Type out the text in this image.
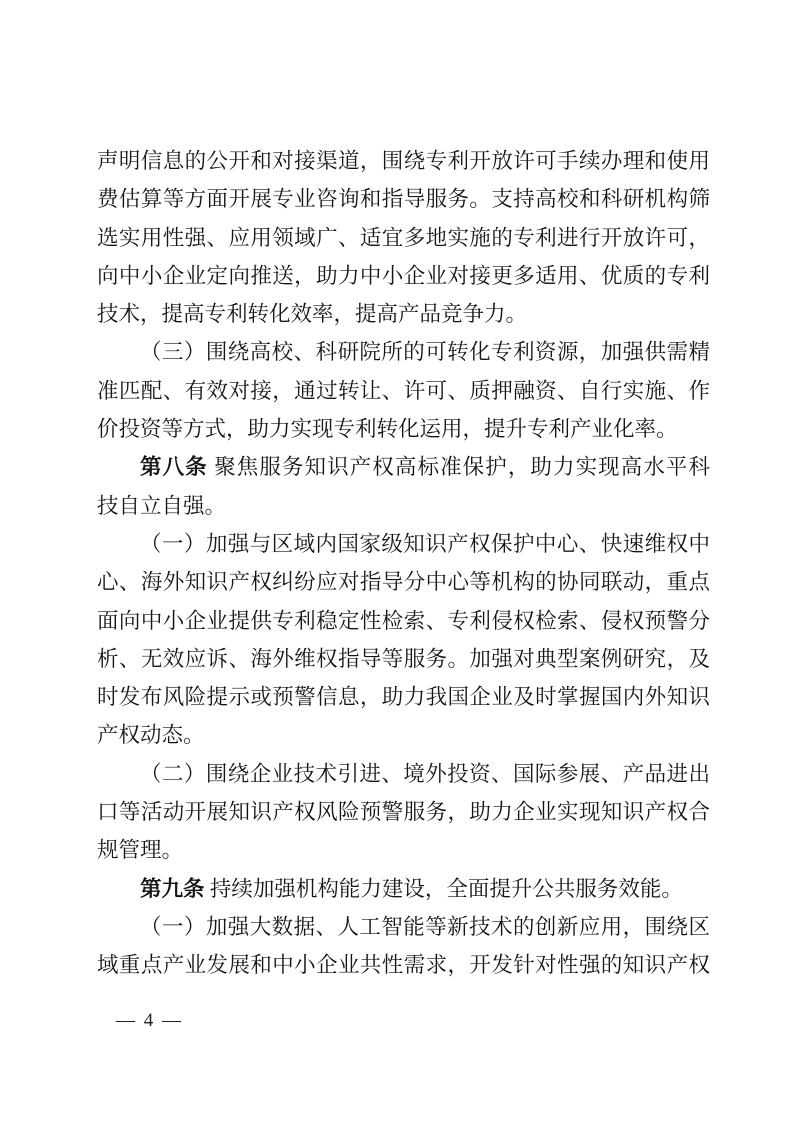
声明信息的公开和对接渠道，围绕专利开放许可手续办理和使用
费估算等方面开展专业咨询和指导服务。支持高校和科研机构筛
选实用性强、应用领域广、适宜多地实施的专利进行开放许可，
向中小企业定向推送，助力中小企业对接更多适用、优质的专利
技术，提高专利转化效率，提高产品竞争力。
（三）围绕高校、科研院所的可转化专利资源，加强供需精
准匹配、有效对接，通过转让、许可、质押融资、自行实施、作
价投资等方式，助力实现专利转化运用，提升专利产业化率。
第八条 聚焦服务知识产权高标准保护，助力实现高水平科
技自立自强。
（一）加强与区域内国家级知识产权保护中心、快速维权中
心、海外知识产权纠纷应对指导分中心等机构的协同联动，重点
面向中小企业提供专利稳定性检索、专利侵权检索、侵权预警分
析、无效应诉、海外维权指导等服务。加强对典型案例研究，及
时发布风险提示或预警信息，助力我国企业及时掌握国内外知识
产权动态。
（二）围绕企业技术引进、境外投资、国际参展、产品进出
口等活动开展知识产权风险预警服务，助力企业实现知识产权合
规管理。
第九条 持续加强机构能力建设，全面提升公共服务效能。
（一）加强大数据、人工智能等新技术的创新应用，围绕区
域重点产业发展和中小企业共性需求，开发针对性强的知识产权
— 4 —
